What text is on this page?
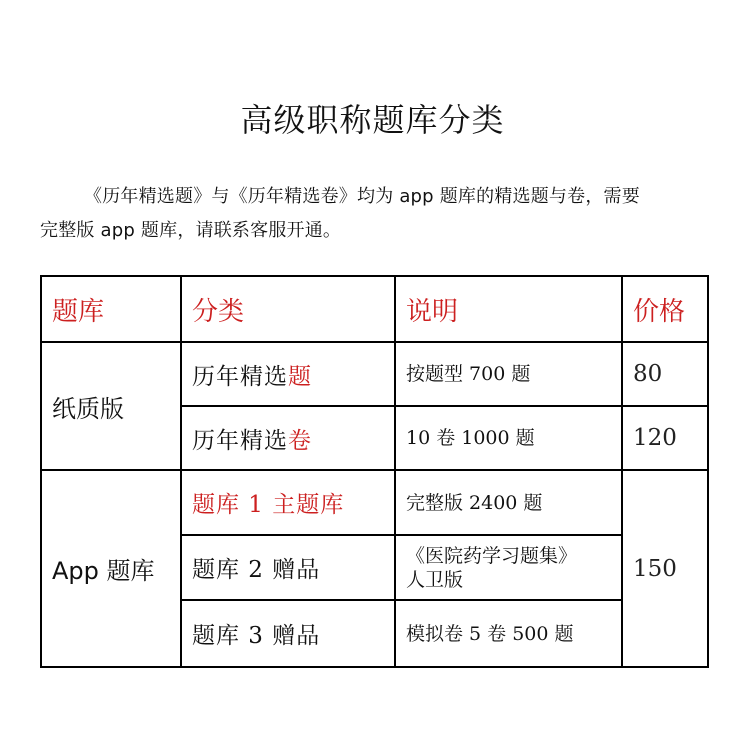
高级职称题库分类
《历年精选题》与《历年精选卷》均为 app 题库的精选题与卷，需要
完整版 app 题库，请联系客服开通。
题库	分类	说明	价格
纸质版	历年精选题	按题型 700 题	80
	历年精选卷	10 卷 1000 题	120
App 题库	题库 1 主题库	完整版 2400 题	150
	题库 2 赠品	《医院药学习题集》
人卫版	

	题库 3 赠品	模拟卷 5 卷 500 题	
